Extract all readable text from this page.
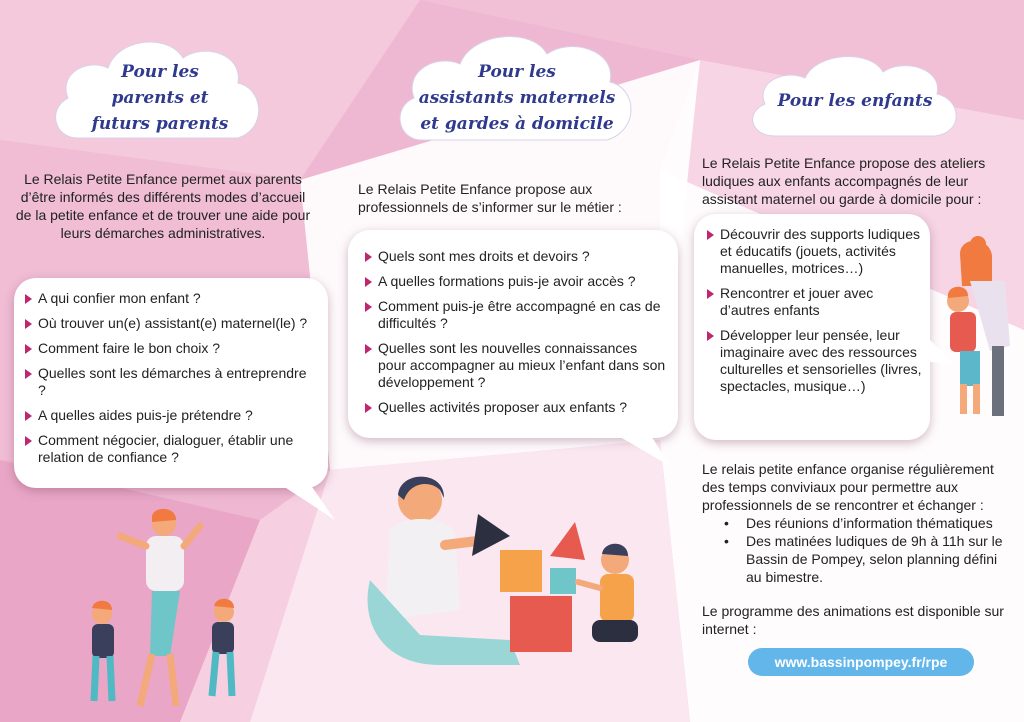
Pour les
parents et
futurs parents
Pour les
assistants maternels
et gardes à domicile
Pour les enfants
Le Relais Petite Enfance permet aux parents d’être informés des différents modes d’accueil de la petite enfance et de trouver une aide pour leurs démarches administratives.
A qui confier mon enfant ?
Où trouver un(e) assistant(e) maternel(le) ?
Comment faire le bon choix ?
Quelles sont les démarches à entreprendre ?
A quelles aides puis-je prétendre ?
Comment négocier, dialoguer, établir une relation de confiance ?
Le Relais Petite Enfance propose aux professionnels de s’informer sur le métier :
Quels sont mes droits et devoirs ?
A quelles formations puis-je avoir accès ?
Comment puis-je être accompagné en cas de difficultés ?
Quelles sont les nouvelles connaissances pour accompagner au mieux l’enfant dans son développement ?
Quelles activités proposer aux enfants ?
Le Relais Petite Enfance propose des ateliers ludiques aux enfants accompagnés de leur assistant maternel ou garde à domicile pour :
Découvrir des supports ludiques et éducatifs (jouets, activités manuelles, motrices…)
Rencontrer et jouer avec d’autres enfants
Développer leur pensée, leur imaginaire avec des ressources culturelles et sensorielles (livres, spectacles, musique…)
Le relais petite enfance organise régulièrement des temps conviviaux pour permettre aux professionnels de se rencontrer et échanger :
• Des réunions d’information thématiques
• Des matinées ludiques de 9h à 11h sur le Bassin de Pompey, selon planning défini au bimestre.
Le programme des animations est disponible sur internet :
www.bassinpompey.fr/rpe
